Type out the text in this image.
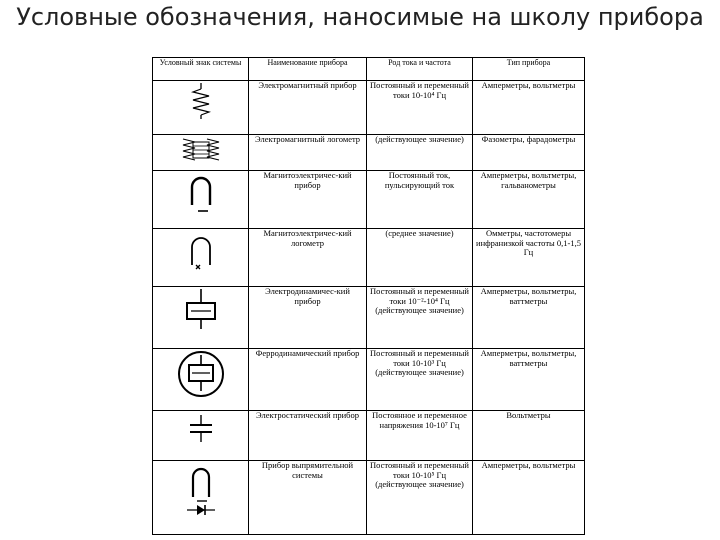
Условные обозначения, наносимые на школу прибора
Условный знак системы	Наименование прибора	Род тока и частота	Тип прибора

Электромагнитный прибор	Постоянный и переменный токи 10-10⁴ Гц	Амперметры, вольтметры

Электромагнитный логометр	(действующее значение)	Фазометры, фарадометры

Магнитоэлектричес-кий прибор	Постоянный ток, пульсирующий ток	Амперметры, вольтметры, гальванометры

Магнитоэлектричес-кий логометр	(среднее значение)	Омметры, частотомеры инфранизкой частоты 0,1-1,5 Гц

Электродинамичес-кий прибор	Постоянный и переменный токи 10⁻²-10⁴ Гц (действующее значение)	Амперметры, вольтметры, ваттметры

Ферродинамический прибор	Постоянный и переменный токи 10-10³ Гц (действующее значение)	Амперметры, вольтметры, ваттметры

Электростатический прибор	Постоянное и переменное напряжения 10-10⁷ Гц	Вольтметры

Прибор выпрямительной системы	Постоянный и переменный токи 10-10⁵ Гц (действующее значение)	Амперметры, вольтметры
